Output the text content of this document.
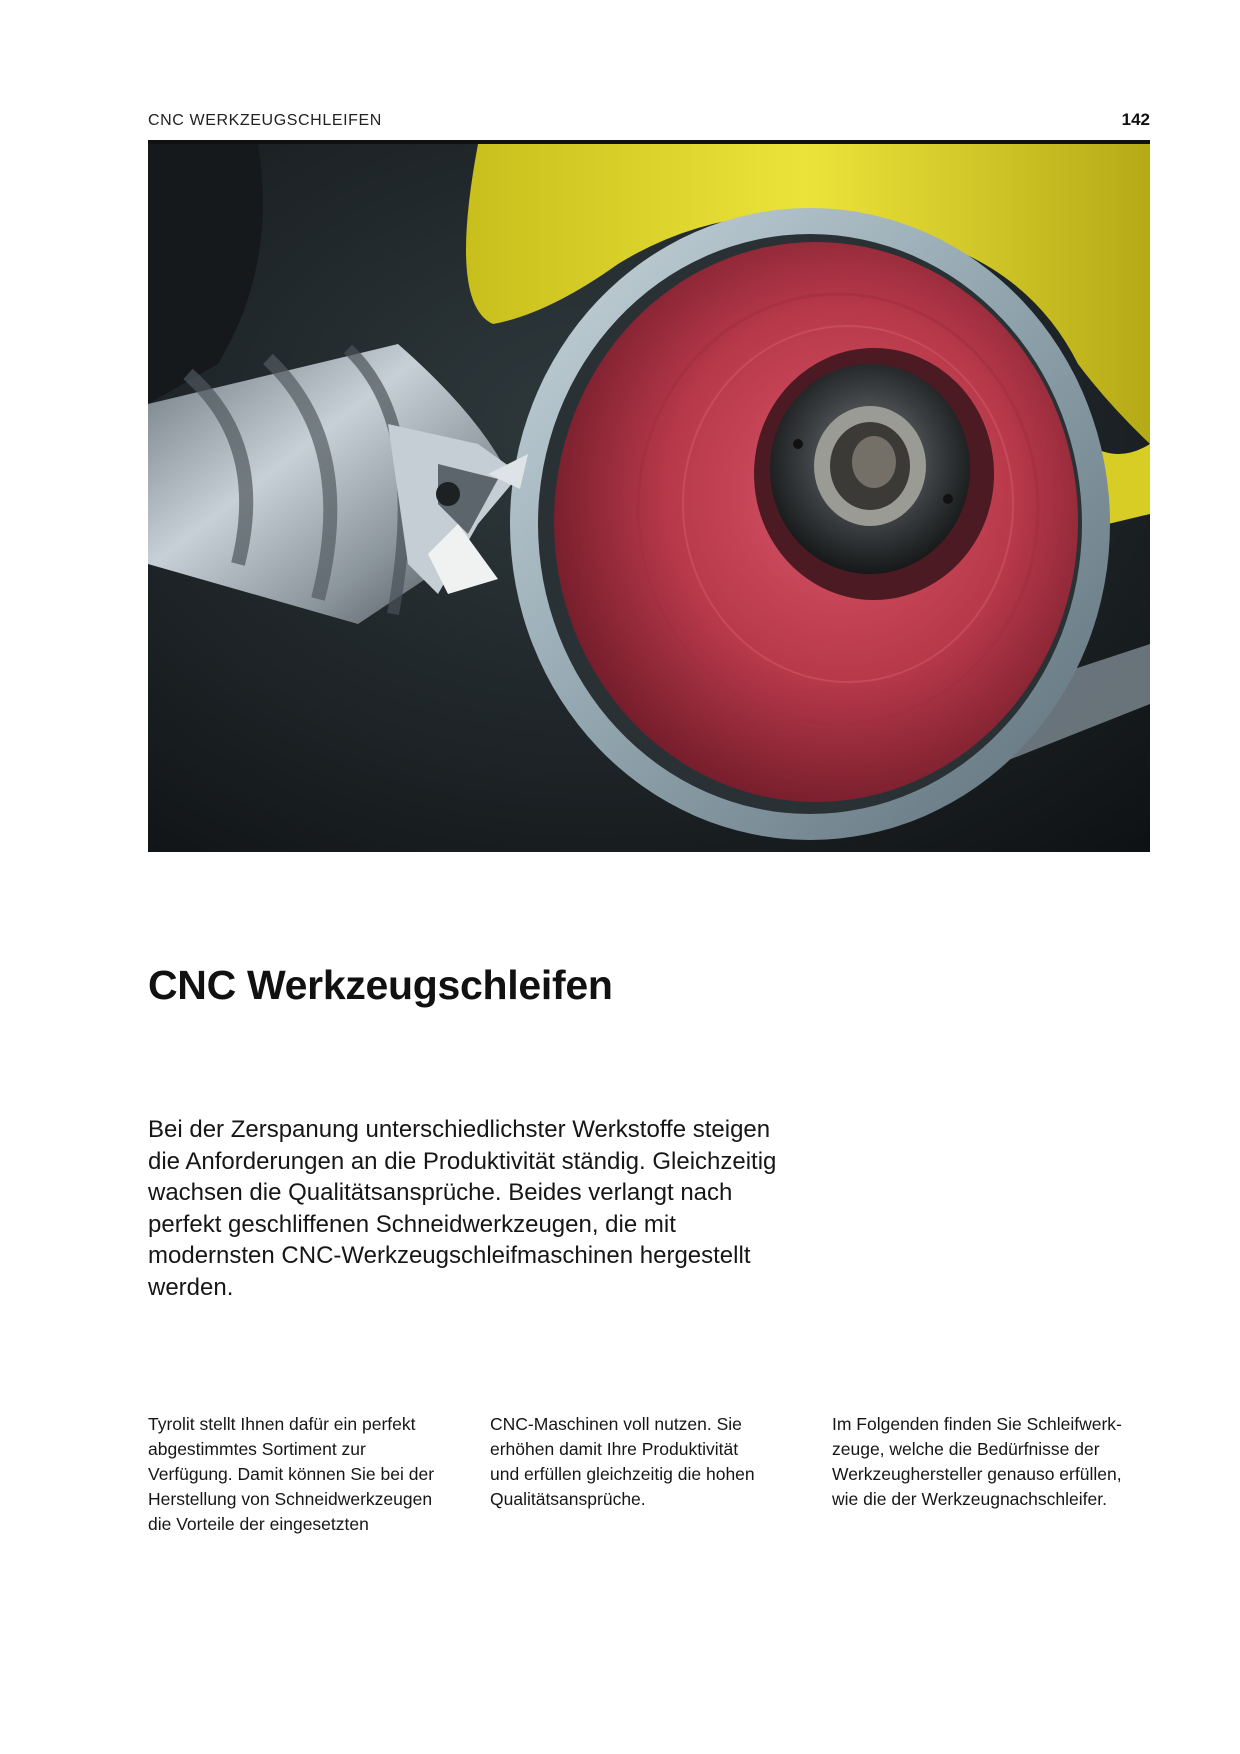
CNC WERKZEUGSCHLEIFEN	142
CNC Werkzeugschleifen
Bei der Zerspanung unterschiedlichster Werkstoffe steigen
die Anforderungen an die Produktivität ständig. Gleichzeitig
wachsen die Qualitätsansprüche. Beides verlangt nach
perfekt geschliffenen Schneidwerkzeugen, die mit
modernsten CNC-Werkzeugschleifmaschinen hergestellt
werden.
Tyrolit stellt Ihnen dafür ein perfekt
abgestimmtes Sortiment zur
Verfügung. Damit können Sie bei der
Herstellung von Schneidwerkzeugen
die Vorteile der eingesetzten
CNC-Maschinen voll nutzen. Sie
erhöhen damit Ihre Produktivität
und erfüllen gleichzeitig die hohen
Qualitätsansprüche.
Im Folgenden finden Sie Schleifwerk-
zeuge, welche die Bedürfnisse der
Werkzeughersteller genauso erfüllen,
wie die der Werkzeugnachschleifer.
